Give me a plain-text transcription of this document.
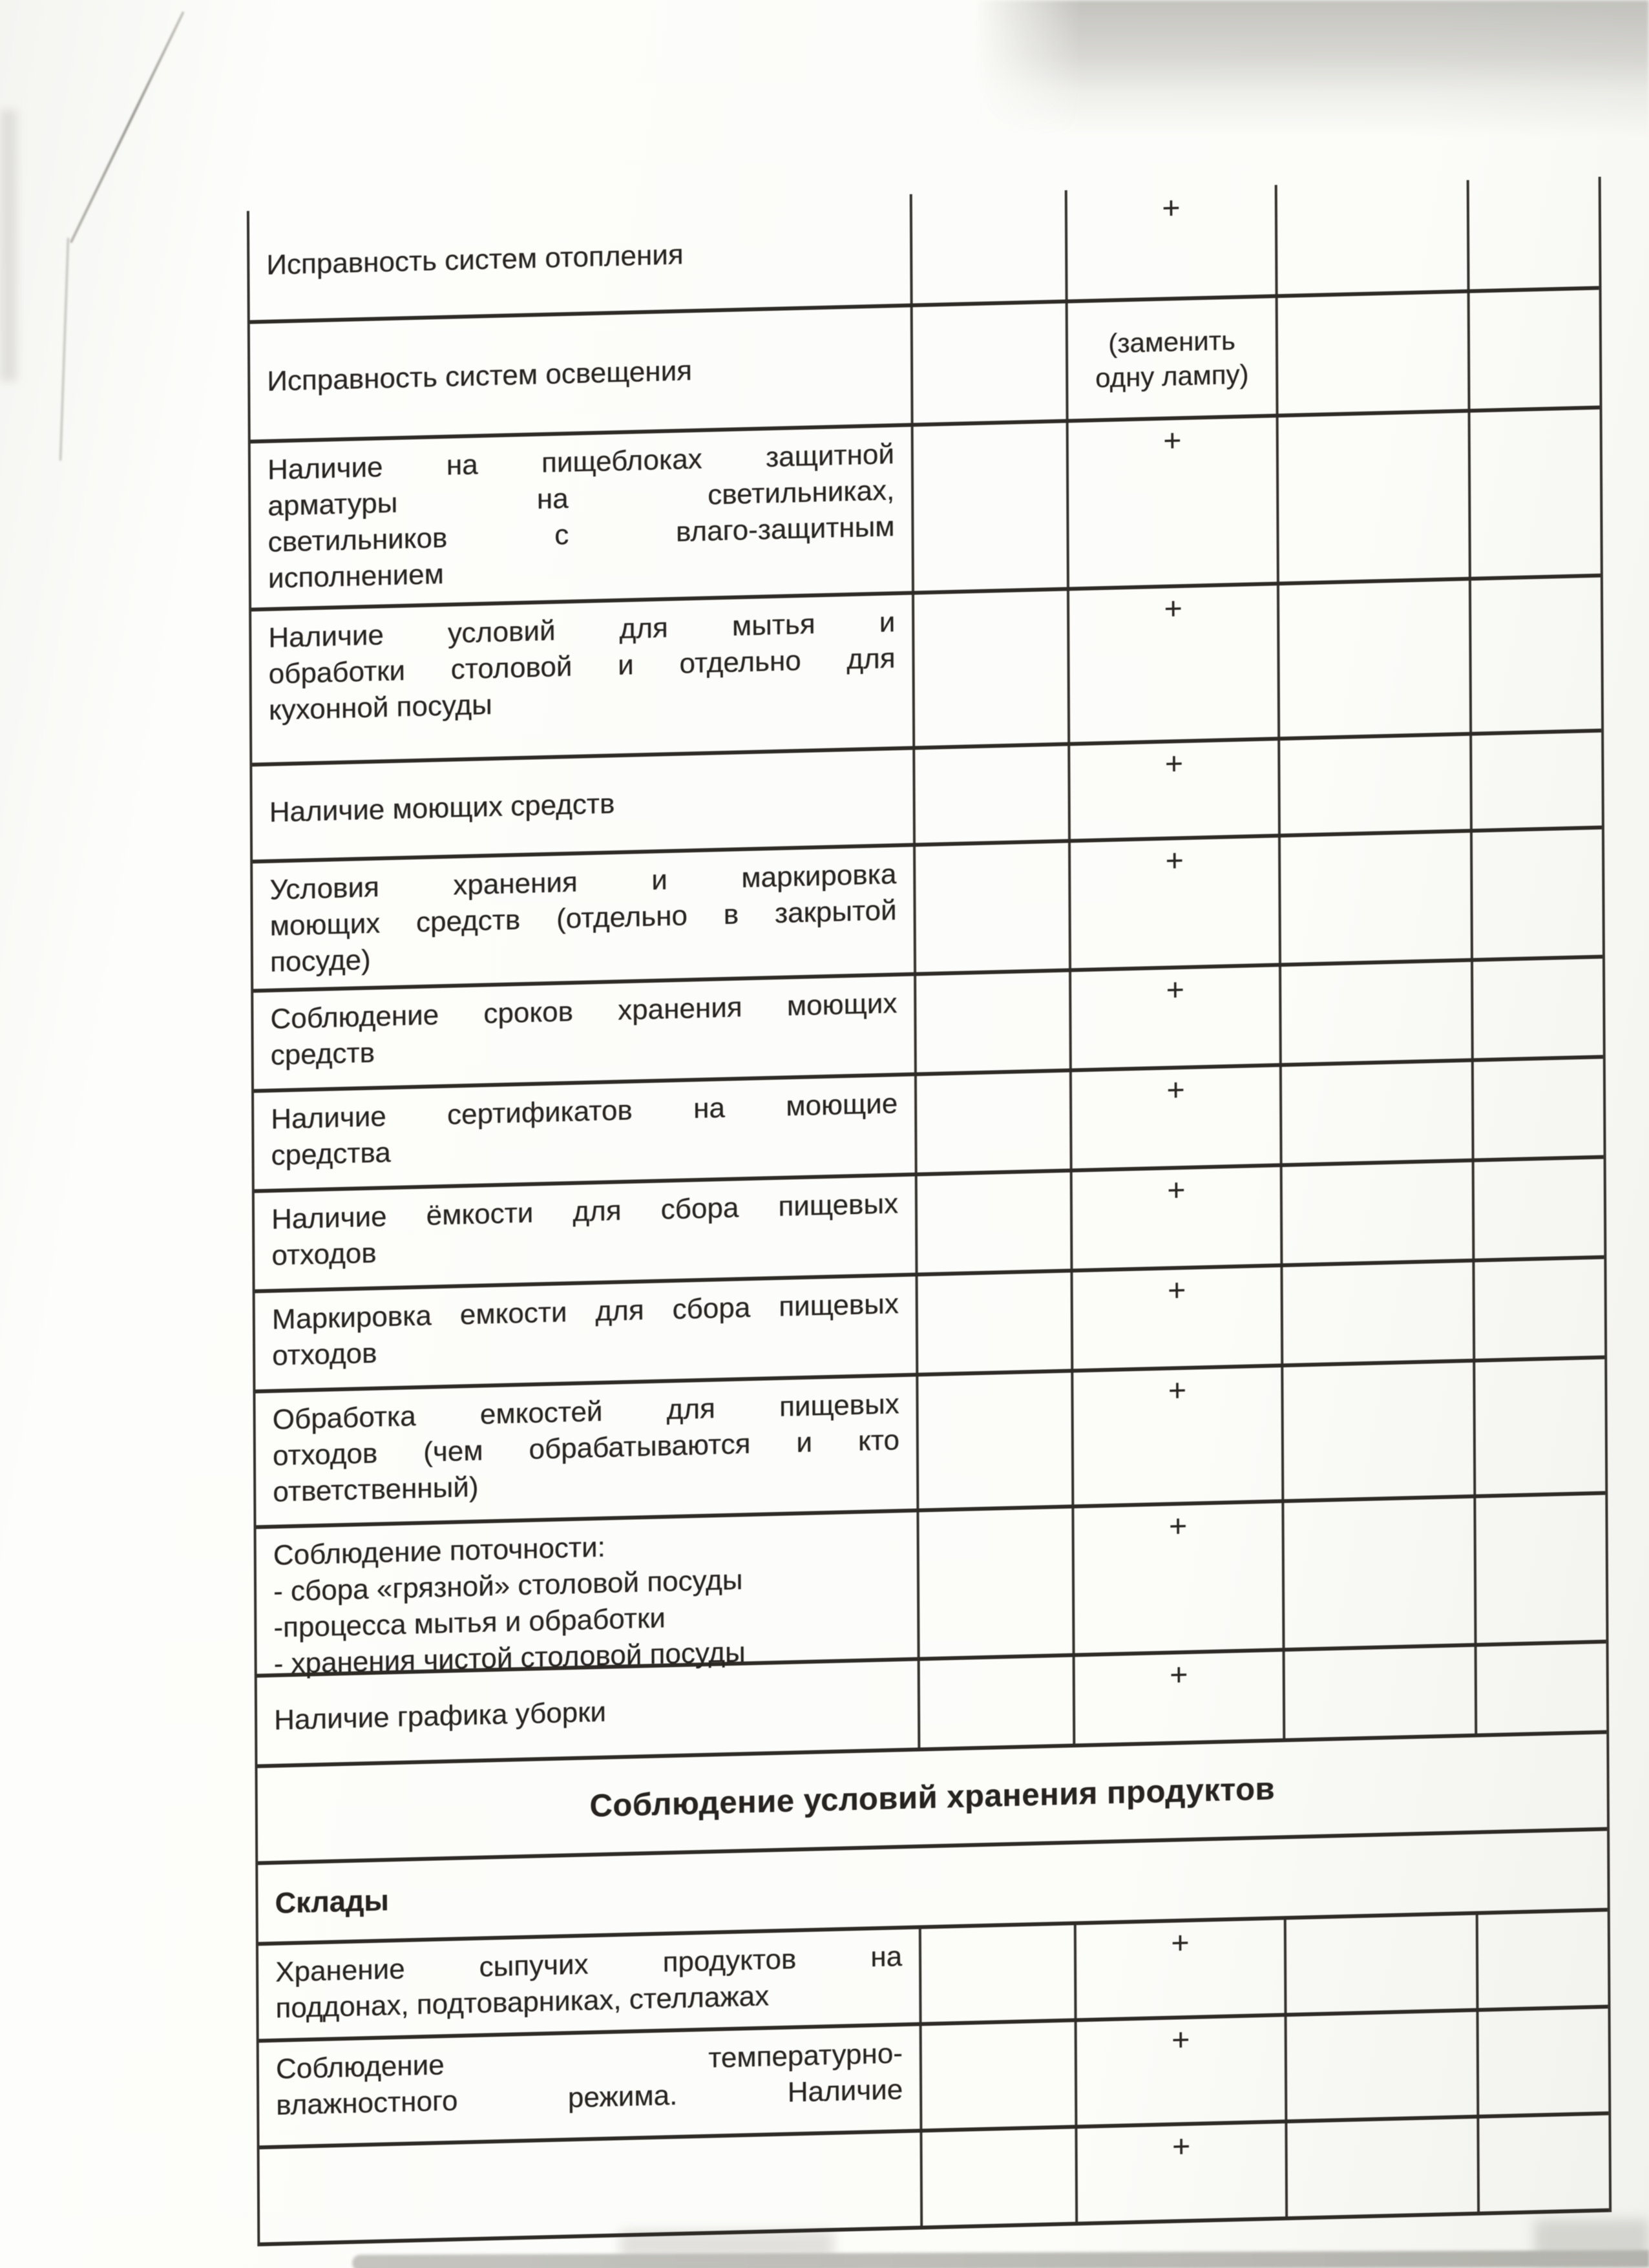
Исправность систем отопления
+
Исправность систем освещения
(заменить
одну лампу)
Наличие на пищеблоках защитной
арматуры на светильниках,
светильников с влаго-защитным
исполнением
+
Наличие условий для мытья и
обработки столовой и отдельно для
кухонной посуды
+
Наличие моющих средств
+
Условия хранения и маркировка
моющих средств (отдельно в закрытой
посуде)
+
Соблюдение сроков хранения моющих
средств
+
Наличие сертификатов на моющие
средства
+
Наличие ёмкости для сбора пищевых
отходов
+
Маркировка емкости для сбора пищевых
отходов
+
Обработка емкостей для пищевых
отходов (чем обрабатываются и кто
ответственный)
+
Соблюдение поточности:
- сбора «грязной» столовой посуды
-процесса мытья и обработки
- хранения чистой столовой посуды
+
Наличие графика уборки
+
Соблюдение условий хранения продуктов
Склады
Хранение сыпучих продуктов на
поддонах, подтоварниках, стеллажах
+
Соблюдение температурно-
влажностного режима. Наличие
+
+
